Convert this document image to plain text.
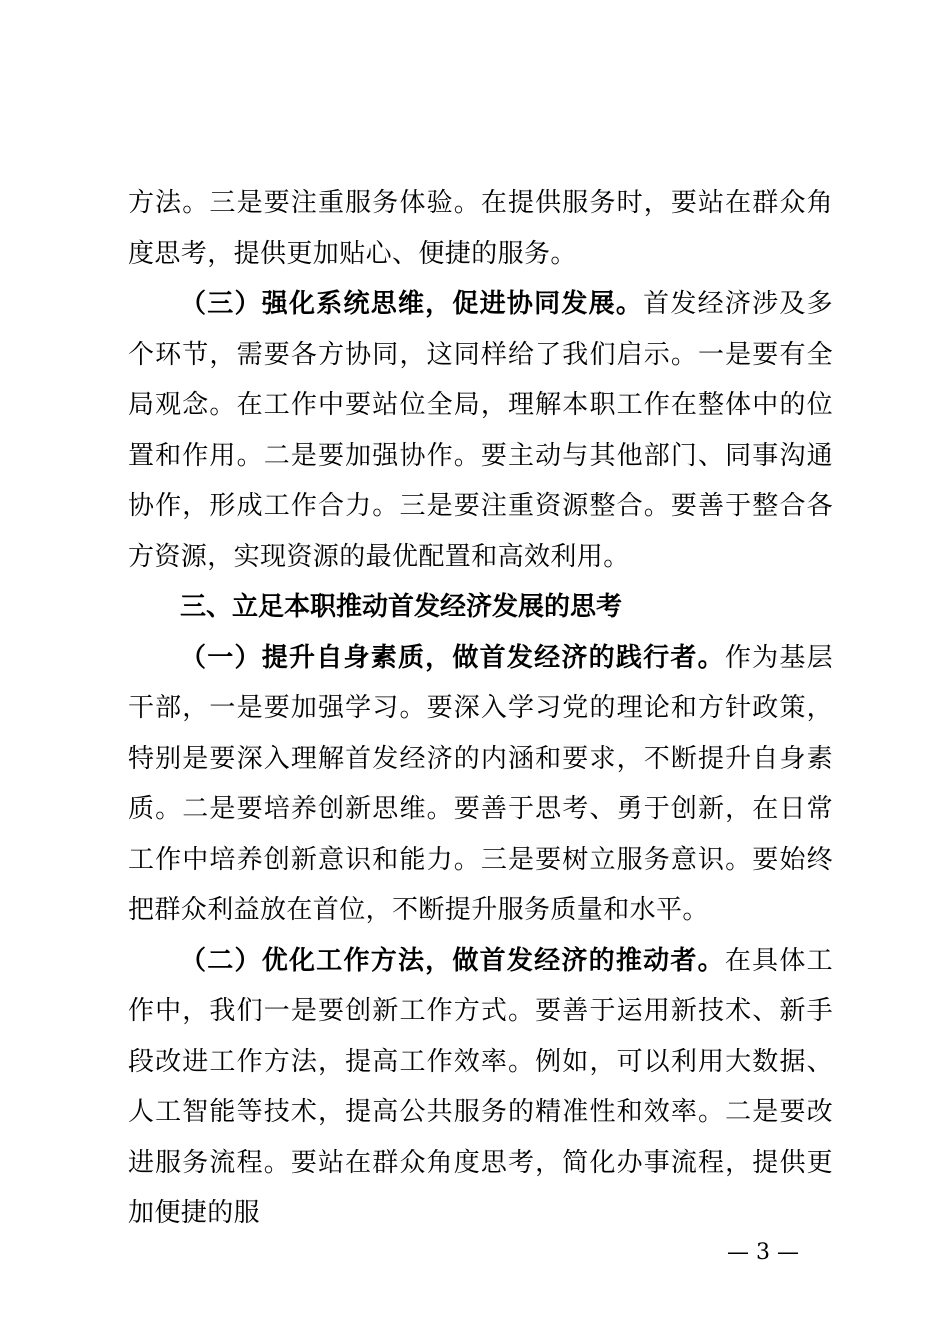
方法。三是要注重服务体验。在提供服务时，要站在群众角度思考，提供更加贴心、便捷的服务。

（三）强化系统思维，促进协同发展。首发经济涉及多个环节，需要各方协同，这同样给了我们启示。一是要有全局观念。在工作中要站位全局，理解本职工作在整体中的位置和作用。二是要加强协作。要主动与其他部门、同事沟通协作，形成工作合力。三是要注重资源整合。要善于整合各方资源，实现资源的最优配置和高效利用。

三、立足本职推动首发经济发展的思考

（一）提升自身素质，做首发经济的践行者。作为基层干部，一是要加强学习。要深入学习党的理论和方针政策，特别是要深入理解首发经济的内涵和要求，不断提升自身素质。二是要培养创新思维。要善于思考、勇于创新，在日常工作中培养创新意识和能力。三是要树立服务意识。要始终把群众利益放在首位，不断提升服务质量和水平。

（二）优化工作方法，做首发经济的推动者。在具体工作中，我们一是要创新工作方式。要善于运用新技术、新手段改进工作方法，提高工作效率。例如，可以利用大数据、人工智能等技术，提高公共服务的精准性和效率。二是要改进服务流程。要站在群众角度思考，简化办事流程，提供更加便捷的服

— 3 —
